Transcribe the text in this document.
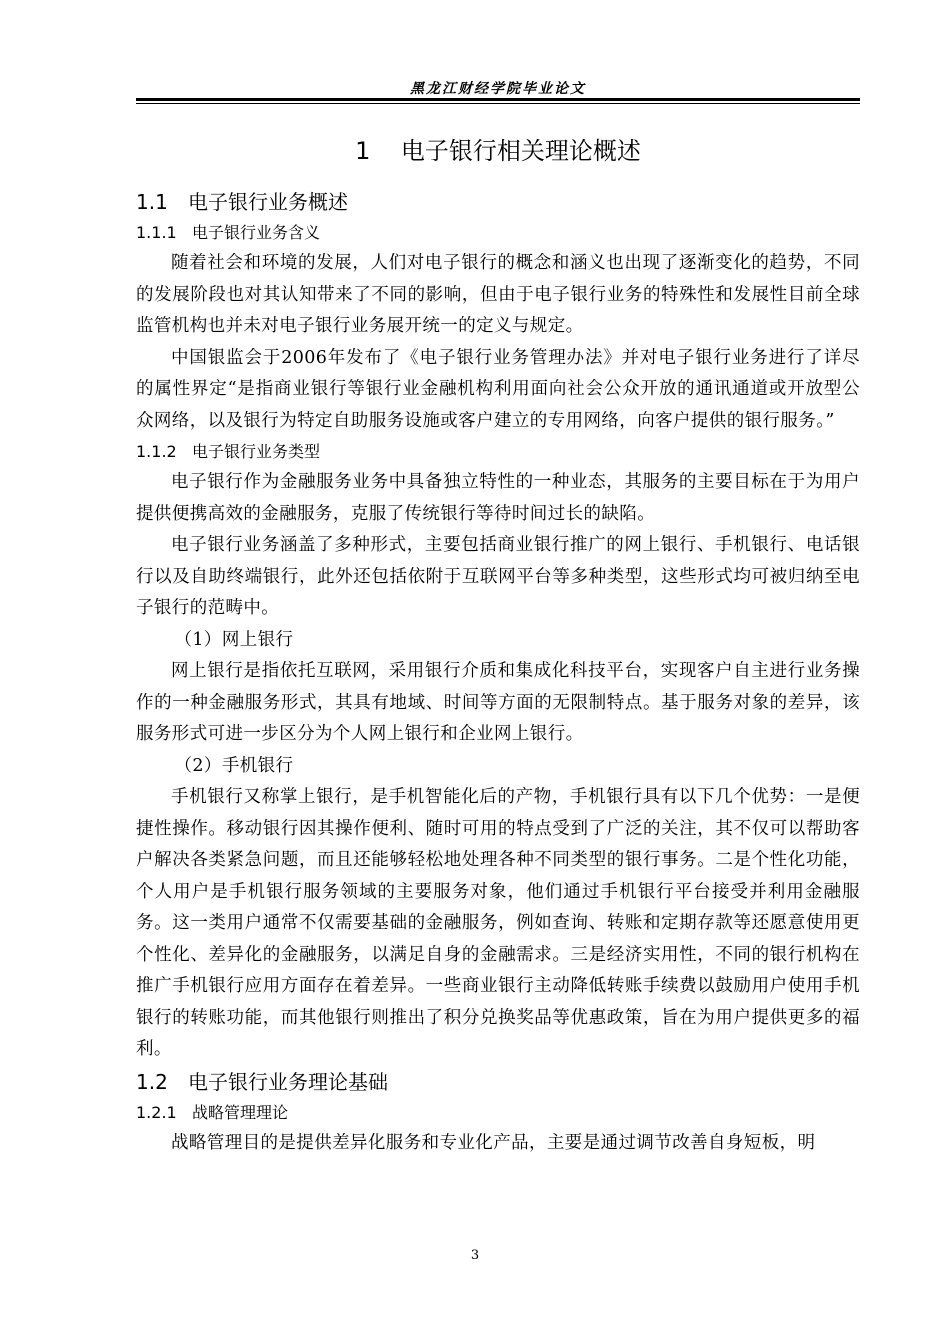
黑龙江财经学院毕业论文
1 电子银行相关理论概述
1.1 电子银行业务概述
1.1.1 电子银行业务含义

随着社会和环境的发展，人们对电子银行的概念和涵义也出现了逐渐变化的趋势，不同的发展阶段也对其认知带来了不同的影响，但由于电子银行业务的特殊性和发展性目前全球监管机构也并未对电子银行业务展开统一的定义与规定。

中国银监会于2006年发布了《电子银行业务管理办法》并对电子银行业务进行了详尽的属性界定“是指商业银行等银行业金融机构利用面向社会公众开放的通讯通道或开放型公众网络，以及银行为特定自助服务设施或客户建立的专用网络，向客户提供的银行服务。”

1.1.2 电子银行业务类型

电子银行作为金融服务业务中具备独立特性的一种业态，其服务的主要目标在于为用户提供便携高效的金融服务，克服了传统银行等待时间过长的缺陷。

电子银行业务涵盖了多种形式，主要包括商业银行推广的网上银行、手机银行、电话银行以及自助终端银行，此外还包括依附于互联网平台等多种类型，这些形式均可被归纳至电子银行的范畴中。

（1）网上银行

网上银行是指依托互联网，采用银行介质和集成化科技平台，实现客户自主进行业务操作的一种金融服务形式，其具有地域、时间等方面的无限制特点。基于服务对象的差异，该服务形式可进一步区分为个人网上银行和企业网上银行。

（2）手机银行

手机银行又称掌上银行，是手机智能化后的产物，手机银行具有以下几个优势：一是便捷性操作。移动银行因其操作便利、随时可用的特点受到了广泛的关注，其不仅可以帮助客户解决各类紧急问题，而且还能够轻松地处理各种不同类型的银行事务。二是个性化功能，个人用户是手机银行服务领域的主要服务对象，他们通过手机银行平台接受并利用金融服务。这一类用户通常不仅需要基础的金融服务，例如查询、转账和定期存款等还愿意使用更个性化、差异化的金融服务，以满足自身的金融需求。三是经济实用性，不同的银行机构在推广手机银行应用方面存在着差异。一些商业银行主动降低转账手续费以鼓励用户使用手机银行的转账功能，而其他银行则推出了积分兑换奖品等优惠政策，旨在为用户提供更多的福利。

1.2 电子银行业务理论基础
1.2.1 战略管理理论

战略管理目的是提供差异化服务和专业化产品，主要是通过调节改善自身短板，明

3
